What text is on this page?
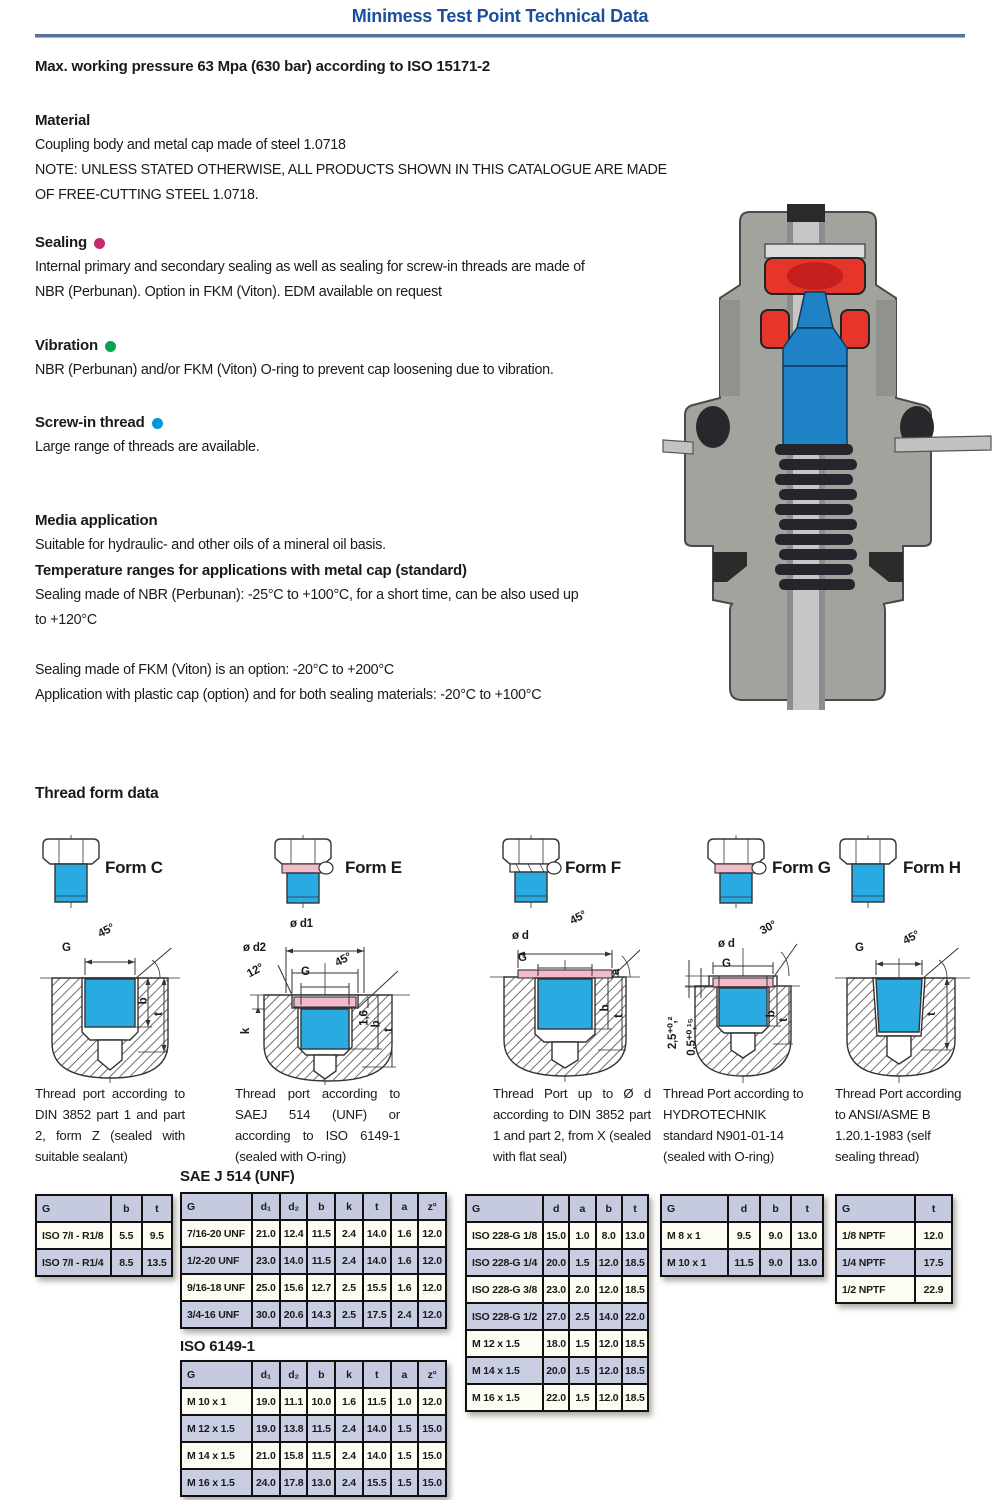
Minimess Test Point Technical Data
Max. working pressure 63 Mpa (630 bar) according to ISO 15171-2
Material
Coupling body and metal cap made of steel 1.0718
NOTE: UNLESS STATED OTHERWISE, ALL PRODUCTS SHOWN IN THIS CATALOGUE ARE MADE
OF FREE-CUTTING STEEL 1.0718.
Sealing
Internal primary and secondary sealing as well as sealing for screw-in threads are made of
NBR (Perbunan). Option in FKM (Viton). EDM available on request
Vibration
NBR (Perbunan) and/or FKM (Viton) O-ring to prevent cap loosening due to vibration.
Screw-in thread
Large range of threads are available.
Media application
Suitable for hydraulic- and other oils of a mineral oil basis.
Temperature ranges for applications with metal cap (standard)
Sealing made of NBR (Perbunan): -25°C to +100°C, for a short time, can be also used up
to +120°C
Sealing made of FKM (Viton) is an option: -20°C to +200°C
Application with plastic cap (option) and for both sealing materials: -20°C to +100°C
Thread form data
Form C
45°
G
b
t
Form E
ø d1
ø d2
12°	G
45°
k
1,6 b
t
Form F
45°
ø d
G
a
b
t
Form G
30°
ø d
G
2,5⁺⁰,² 0,5⁺⁰,¹⁵
b
t
Form H
G
45°
t
Thread port according to DIN 3852 part 1 and part 2, form Z (sealed with suitable sealant)
Thread port according to SAEJ 514 (UNF) or according to ISO 6149-1 (sealed with O-ring)
Thread Port up to Ø d according to DIN 3852 part 1 and part 2, from X (sealed with flat seal)
Thread Port according to HYDROTECHNIK standard N901-01-14 (sealed with O-ring)
Thread Port according to ANSI/ASME B 1.20.1-1983 (self sealing thread)
G	b	t
ISO 7/I - R1/8	5.5	9.5
ISO 7/I - R1/4	8.5	13.5
SAE J 514 (UNF)
G	d₁	d₂	b	k	t	a	z°
7/16-20 UNF	21.0	12.4	11.5	2.4	14.0	1.6	12.0
1/2-20 UNF	23.0	14.0	11.5	2.4	14.0	1.6	12.0
9/16-18 UNF	25.0	15.6	12.7	2.5	15.5	1.6	12.0
3/4-16 UNF	30.0	20.6	14.3	2.5	17.5	2.4	12.0
ISO 6149-1
G	d₁	d₂	b	k	t	a	z°
M 10 x 1	19.0	11.1	10.0	1.6	11.5	1.0	12.0
M 12 x 1.5	19.0	13.8	11.5	2.4	14.0	1.5	15.0
M 14 x 1.5	21.0	15.8	11.5	2.4	14.0	1.5	15.0
M 16 x 1.5	24.0	17.8	13.0	2.4	15.5	1.5	15.0
G	d	a	b	t
ISO 228-G 1/8	15.0	1.0	8.0	13.0
ISO 228-G 1/4	20.0	1.5	12.0	18.5
ISO 228-G 3/8	23.0	2.0	12.0	18.5
ISO 228-G 1/2	27.0	2.5	14.0	22.0
M 12 x 1.5	18.0	1.5	12.0	18.5
M 14 x 1.5	20.0	1.5	12.0	18.5
M 16 x 1.5	22.0	1.5	12.0	18.5
G	d	b	t
M 8 x 1	9.5	9.0	13.0
M 10 x 1	11.5	9.0	13.0
G	t
1/8 NPTF	12.0
1/4 NPTF	17.5
1/2 NPTF	22.9
